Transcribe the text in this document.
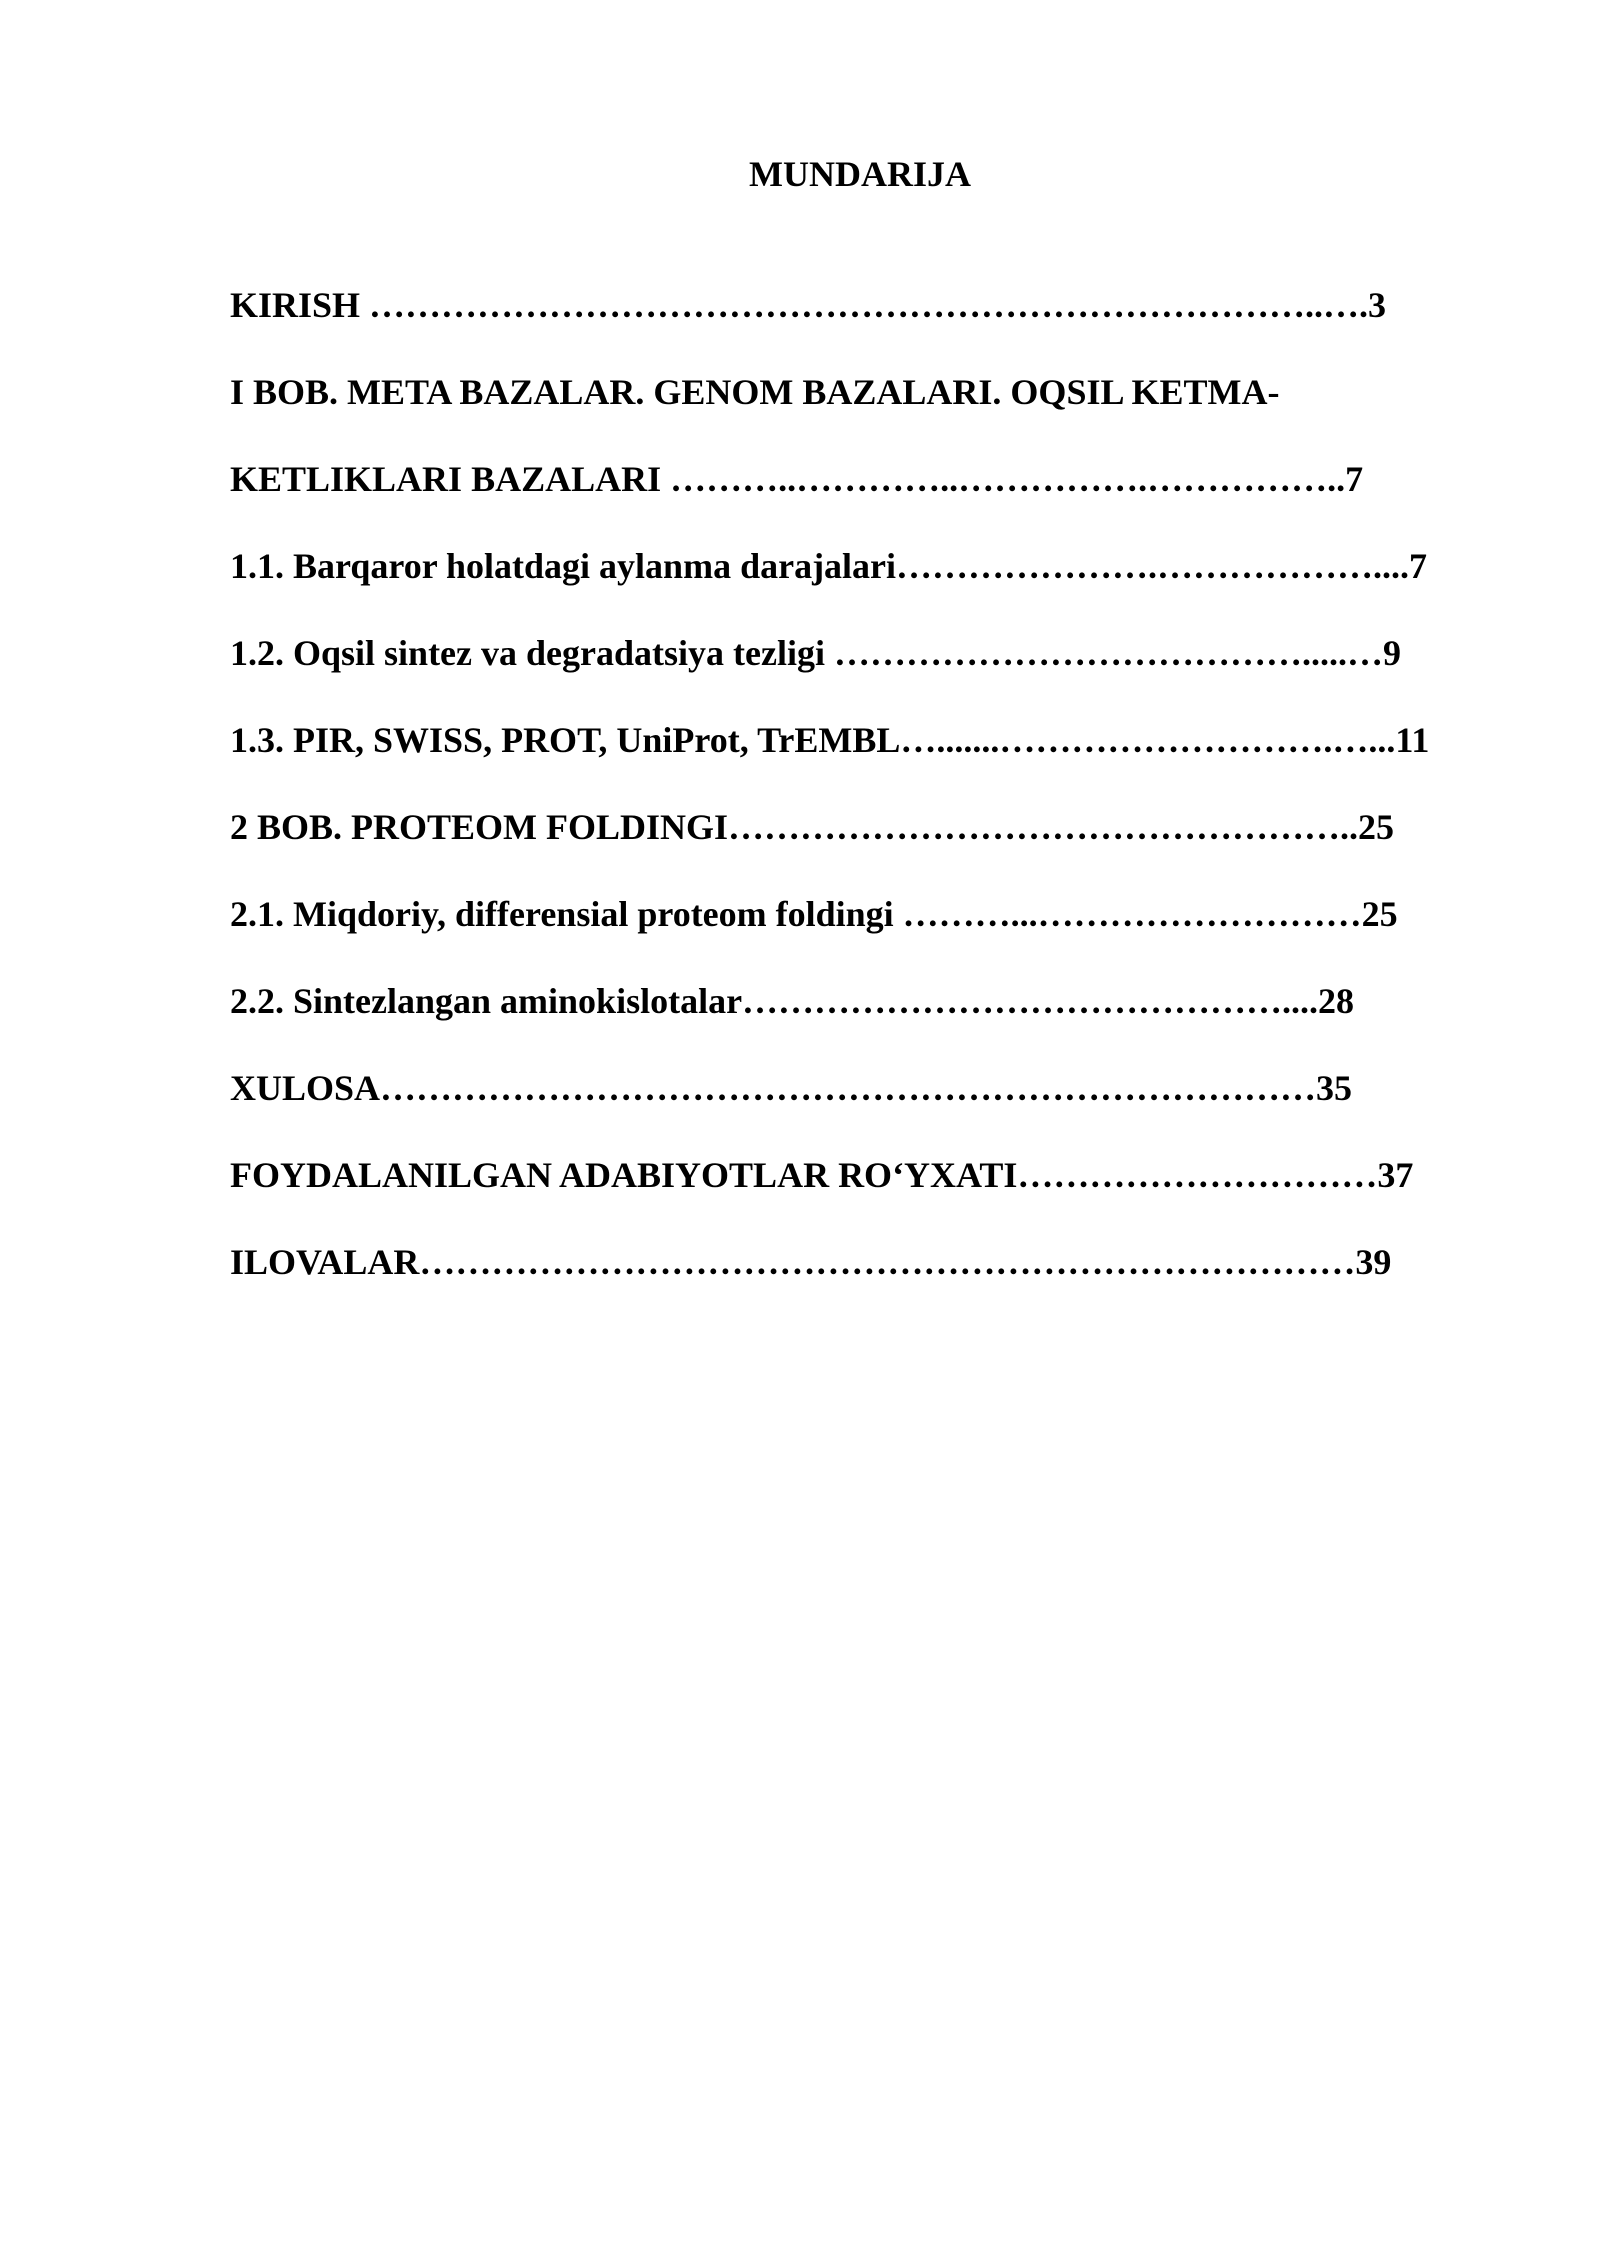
MUNDARIJA
KIRISH ……………………………………………………………………..….3
I BOB. META BAZALAR. GENOM BAZALARI. OQSIL KETMA-
KETLIKLARI BAZALARI ………..…………..…………….……………..7
1.1. Barqaror holatdagi aylanma darajalari………………….………………....7
1.2. Oqsil sintez va degradatsiya tezligi ………………………………….....…9
1.3. PIR, SWISS, PROT, UniProt, TrEMBL….......……………………….…...11
2 BOB. PROTEOM FOLDINGI……………………………………………..25
2.1. Miqdoriy, differensial proteom foldingi ………...………………………25
2.2. Sintezlangan aminokislotalar………………………………………....28
XULOSA……………………………………………………………………35
FOYDALANILGAN ADABIYOTLAR RO‘YXATI…………………………37
ILOVALAR……………………………………………………………………39
